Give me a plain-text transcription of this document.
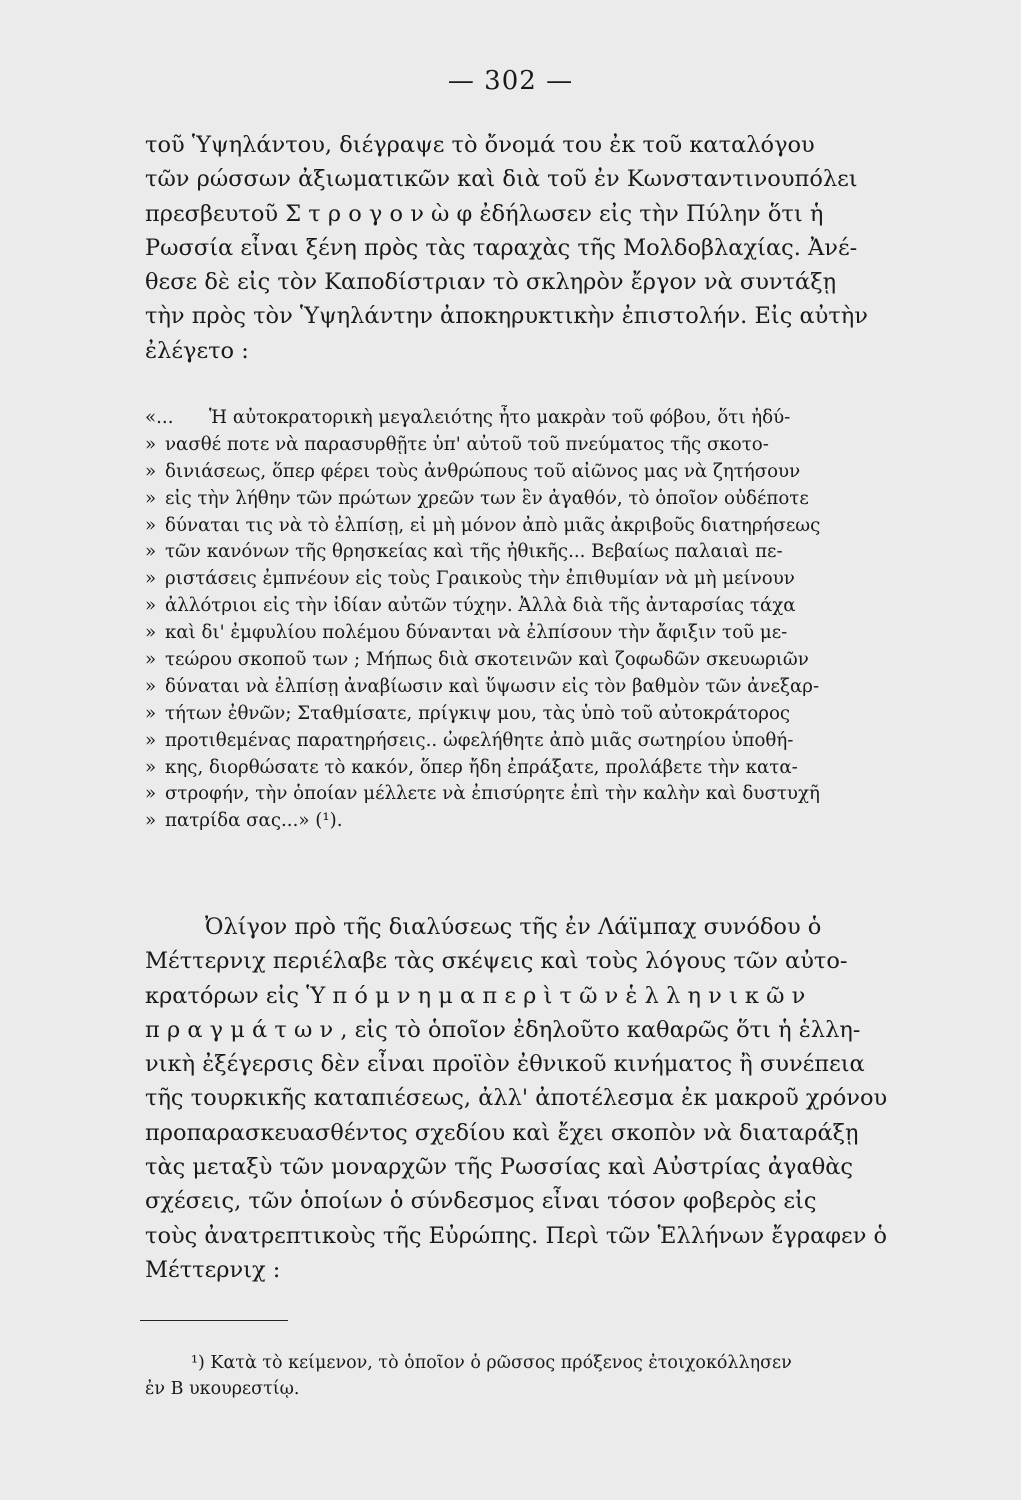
— 302 —
τοῦ Ὑψηλάντου, διέγραψε τὸ ὄνομά του ἐκ τοῦ καταλόγου
τῶν ρώσσων ἀξιωματικῶν καὶ διὰ τοῦ ἐν Κωνσταντινουπόλει
πρεσβευτοῦ Σ τ ρ ο γ ο ν ὼ φ ἐδήλωσεν εἰς τὴν Πύλην ὅτι ἡ
Ρωσσία εἶναι ξένη πρὸς τὰς ταραχὰς τῆς Μολδοβλαχίας. Ἀνέ-
θεσε δὲ εἰς τὸν Καποδίστριαν τὸ σκληρὸν ἔργον νὰ συντάξῃ
τὴν πρὸς τὸν Ὑψηλάντην ἀποκηρυκτικὴν ἐπιστολήν. Εἰς αὐτὴν
ἐλέγετο :
«... Ἡ αὐτοκρατορικὴ μεγαλειότης ἦτο μακρὰν τοῦ φόβου, ὅτι ἠδύ-
» νασθέ ποτε νὰ παρασυρθῇτε ὑπ' αὐτοῦ τοῦ πνεύματος τῆς σκοτο-
» δινιάσεως, ὅπερ φέρει τοὺς ἀνθρώπους τοῦ αἰῶνος μας νὰ ζητήσουν
» εἰς τὴν λήθην τῶν πρώτων χρεῶν των ἓν ἀγαθόν, τὸ ὁποῖον οὐδέποτε
» δύναται τις νὰ τὸ ἐλπίσῃ, εἰ μὴ μόνον ἀπὸ μιᾶς ἀκριβοῦς διατηρήσεως
» τῶν κανόνων τῆς θρησκείας καὶ τῆς ἠθικῆς... Βεβαίως παλαιαὶ πε-
» ριστάσεις ἐμπνέουν εἰς τοὺς Γραικοὺς τὴν ἐπιθυμίαν νὰ μὴ μείνουν
» ἀλλότριοι εἰς τὴν ἰδίαν αὐτῶν τύχην. Ἀλλὰ διὰ τῆς ἀνταρσίας τάχα
» καὶ δι' ἐμφυλίου πολέμου δύνανται νὰ ἐλπίσουν τὴν ἄφιξιν τοῦ με-
» τεώρου σκοποῦ των ; Μήπως διὰ σκοτεινῶν καὶ ζοφωδῶν σκευωριῶν
» δύναται νὰ ἐλπίσῃ ἀναβίωσιν καὶ ὕψωσιν εἰς τὸν βαθμὸν τῶν ἀνεξαρ-
» τήτων ἐθνῶν; Σταθμίσατε, πρίγκιψ μου, τὰς ὑπὸ τοῦ αὐτοκράτορος
» προτιθεμένας παρατηρήσεις.. ὠφελήθητε ἀπὸ μιᾶς σωτηρίου ὑποθή-
» κης, διορθώσατε τὸ κακόν, ὅπερ ἤδη ἐπράξατε, προλάβετε τὴν κατα-
» στροφήν, τὴν ὁποίαν μέλλετε νὰ ἐπισύρητε ἐπὶ τὴν καλὴν καὶ δυστυχῆ
» πατρίδα σας...» (¹).
Ὀλίγον πρὸ τῆς διαλύσεως τῆς ἐν Λάϊμπαχ συνόδου ὁ
Μέττερνιχ περιέλαβε τὰς σκέψεις καὶ τοὺς λόγους τῶν αὐτο-
κρατόρων εἰς Ὑ π ό μ ν η μ α π ε ρ ὶ τ ῶ ν ἑ λ λ η ν ι κ ῶ ν
π ρ α γ μ ά τ ω ν , εἰς τὸ ὁποῖον ἐδηλοῦτο καθαρῶς ὅτι ἡ ἑλλη-
νικὴ ἐξέγερσις δὲν εἶναι προϊὸν ἐθνικοῦ κινήματος ἢ συνέπεια
τῆς τουρκικῆς καταπιέσεως, ἀλλ' ἀποτέλεσμα ἐκ μακροῦ χρόνου
προπαρασκευασθέντος σχεδίου καὶ ἔχει σκοπὸν νὰ διαταράξῃ
τὰς μεταξὺ τῶν μοναρχῶν τῆς Ρωσσίας καὶ Αὐστρίας ἀγαθὰς
σχέσεις, τῶν ὁποίων ὁ σύνδεσμος εἶναι τόσον φοβερὸς εἰς
τοὺς ἀνατρεπτικοὺς τῆς Εὐρώπης. Περὶ τῶν Ἑλλήνων ἔγραφεν ὁ
Μέττερνιχ :
¹) Κατὰ τὸ κείμενον, τὸ ὁποῖον ὁ ρῶσσος πρόξενος ἐτοιχοκόλλησεν
ἐν Β υκουρεστίῳ.
